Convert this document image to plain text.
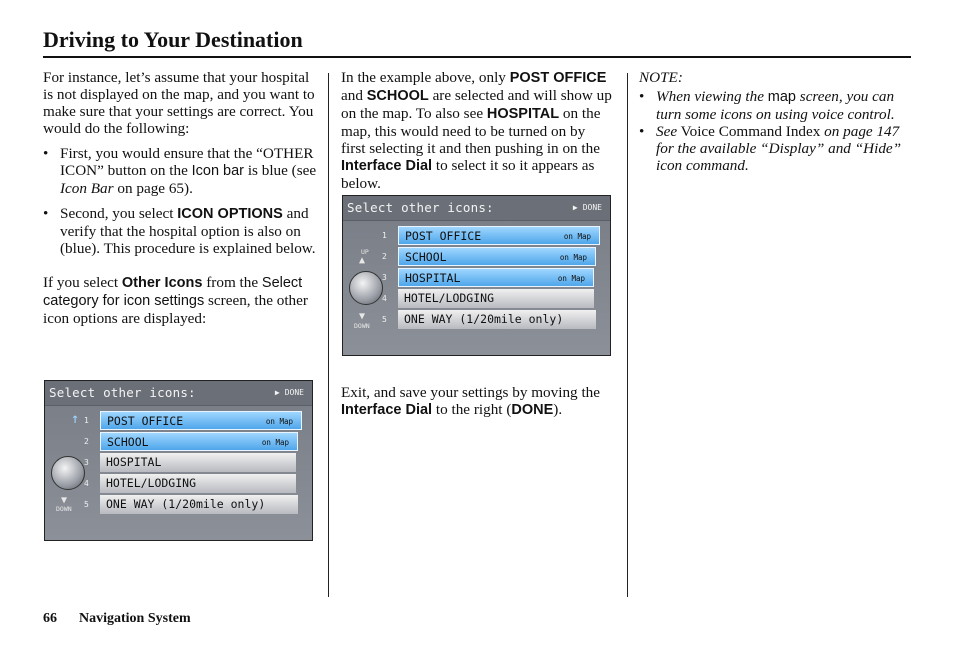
Driving to Your Destination
For instance, let’s assume that your hospital is not displayed on the map, and you want to make sure that your settings are correct. You would do the following:
• First, you would ensure that the “OTHER ICON” button on the Icon bar is blue (see Icon Bar on page 65).
• Second, you select ICON OPTIONS and verify that the hospital option is also on (blue). This procedure is explained below.
If you select Other Icons from the Select category for icon settings screen, the other icon options are displayed:
In the example above, only POST OFFICE and SCHOOL are selected and will show up on the map. To also see HOSPITAL on the map, this would need to be turned on by first selecting it and then pushing in on the Interface Dial to select it so it appears as below.
Exit, and save your settings by moving the Interface Dial to the right (DONE).
NOTE:
• When viewing the map screen, you can turn some icons on using voice control.
• See Voice Command Index on page 147 for the available “Display” and “Hide” icon command.
Select other icons:	▶ DONE
↑
▼
DOWN
1	POST OFFICE	on Map
2	SCHOOL	on Map
3	HOSPITAL
4	HOTEL/LODGING
5	ONE WAY (1/20mile only)
Select other icons:	▶ DONE
UP
▲
▼
DOWN
1	POST OFFICE	on Map
2	SCHOOL	on Map
3	HOSPITAL	on Map
4	HOTEL/LODGING
5	ONE WAY (1/20mile only)
66 Navigation System
